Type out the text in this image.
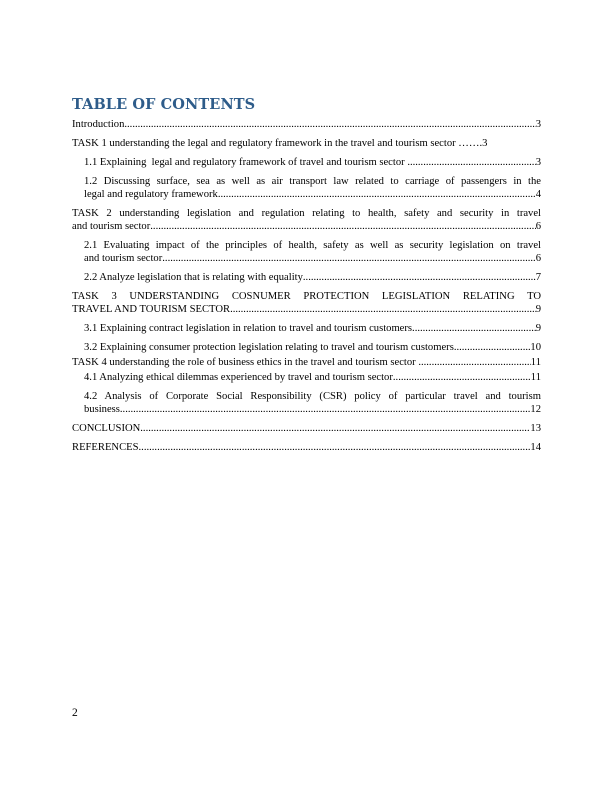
TABLE OF CONTENTS
Introduction .....	3
TASK 1 understanding the legal and regulatory framework in the travel and tourism sector ……. 3
1.1 Explaining  legal and regulatory framework of travel and tourism sector .....	3
1.2 Discussing surface, sea as well as air transport law related to carriage of passengers in the
legal and regulatory framework .....	4
TASK 2 understanding legislation and regulation relating to health, safety and security in travel
and tourism sector .....	6
2.1 Evaluating impact of the principles of health, safety as well as security legislation on travel
and tourism sector .....	6
2.2 Analyze legislation that is relating with equality .....	7
TASK 3 UNDERSTANDING COSNUMER PROTECTION LEGISLATION RELATING TO
TRAVEL AND TOURISM SECTOR .....	9
3.1 Explaining contract legislation in relation to travel and tourism customers .....	9
3.2 Explaining consumer protection legislation relating to travel and tourism customers .....	10
TASK 4 understanding the role of business ethics in the travel and tourism sector .....	11
4.1 Analyzing ethical dilemmas experienced by travel and tourism sector .....	11
4.2 Analysis of Corporate Social Responsibility (CSR) policy of particular travel and tourism
business .....	12
CONCLUSION .....	13
REFERENCES .....	14
2
